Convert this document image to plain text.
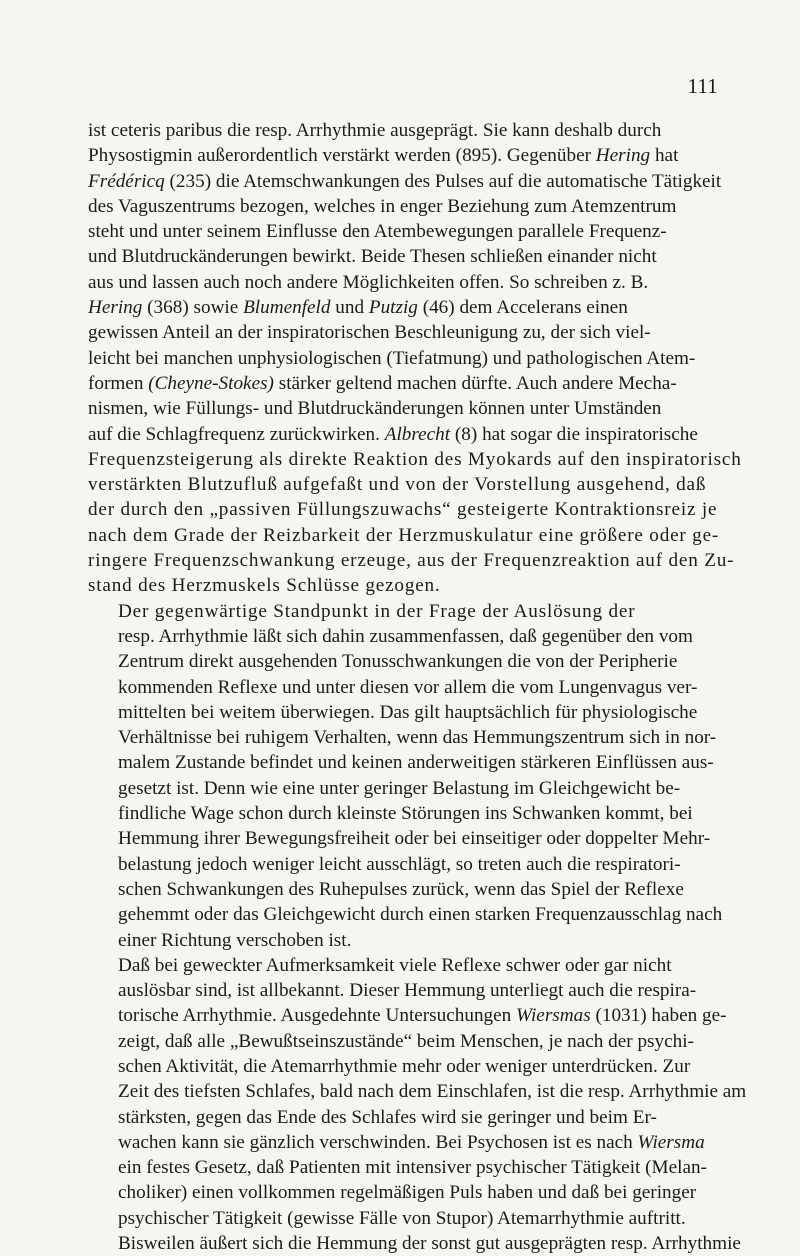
111

ist ceteris paribus die resp. Arrhythmie ausgeprägt. Sie kann deshalb durch
Physostigmin außerordentlich verstärkt werden (895). Gegenüber Hering hat
Frédéricq (235) die Atemschwankungen des Pulses auf die automatische Tätigkeit
des Vaguszentrums bezogen, welches in enger Beziehung zum Atemzentrum
steht und unter seinem Einflusse den Atembewegungen parallele Frequenz-
und Blutdruckänderungen bewirkt. Beide Thesen schließen einander nicht
aus und lassen auch noch andere Möglichkeiten offen. So schreiben z. B.
Hering (368) sowie Blumenfeld und Putzig (46) dem Accelerans einen
gewissen Anteil an der inspiratorischen Beschleunigung zu, der sich viel-
leicht bei manchen unphysiologischen (Tiefatmung) und pathologischen Atem-
formen (Cheyne-Stokes) stärker geltend machen dürfte. Auch andere Mecha-
nismen, wie Füllungs- und Blutdruckänderungen können unter Umständen
auf die Schlagfrequenz zurückwirken. Albrecht (8) hat sogar die inspiratorische
Frequenzsteigerung als direkte Reaktion des Myokards auf den inspiratorisch
verstärkten Blutzufluß aufgefaßt und von der Vorstellung ausgehend, daß
der durch den „passiven Füllungszuwachs“ gesteigerte Kontraktionsreiz je
nach dem Grade der Reizbarkeit der Herzmuskulatur eine größere oder ge-
ringere Frequenzschwankung erzeuge, aus der Frequenzreaktion auf den Zu-
stand des Herzmuskels Schlüsse gezogen.

Der gegenwärtige Standpunkt in der Frage der Auslösung der
resp. Arrhythmie läßt sich dahin zusammenfassen, daß gegenüber den vom
Zentrum direkt ausgehenden Tonusschwankungen die von der Peripherie
kommenden Reflexe und unter diesen vor allem die vom Lungenvagus ver-
mittelten bei weitem überwiegen. Das gilt hauptsächlich für physiologische
Verhältnisse bei ruhigem Verhalten, wenn das Hemmungszentrum sich in nor-
malem Zustande befindet und keinen anderweitigen stärkeren Einflüssen aus-
gesetzt ist. Denn wie eine unter geringer Belastung im Gleichgewicht be-
findliche Wage schon durch kleinste Störungen ins Schwanken kommt, bei
Hemmung ihrer Bewegungsfreiheit oder bei einseitiger oder doppelter Mehr-
belastung jedoch weniger leicht ausschlägt, so treten auch die respiratori-
schen Schwankungen des Ruhepulses zurück, wenn das Spiel der Reflexe
gehemmt oder das Gleichgewicht durch einen starken Frequenzausschlag nach
einer Richtung verschoben ist.

Daß bei geweckter Aufmerksamkeit viele Reflexe schwer oder gar nicht
auslösbar sind, ist allbekannt. Dieser Hemmung unterliegt auch die respira-
torische Arrhythmie. Ausgedehnte Untersuchungen Wiersmas (1031) haben ge-
zeigt, daß alle „Bewußtseinszustände“ beim Menschen, je nach der psychi-
schen Aktivität, die Atemarrhythmie mehr oder weniger unterdrücken. Zur
Zeit des tiefsten Schlafes, bald nach dem Einschlafen, ist die resp. Arrhythmie am
stärksten, gegen das Ende des Schlafes wird sie geringer und beim Er-
wachen kann sie gänzlich verschwinden. Bei Psychosen ist es nach Wiersma
ein festes Gesetz, daß Patienten mit intensiver psychischer Tätigkeit (Melan-
choliker) einen vollkommen regelmäßigen Puls haben und daß bei geringer
psychischer Tätigkeit (gewisse Fälle von Stupor) Atemarrhythmie auftritt.
Bisweilen äußert sich die Hemmung der sonst gut ausgeprägten resp. Arrhythmie
